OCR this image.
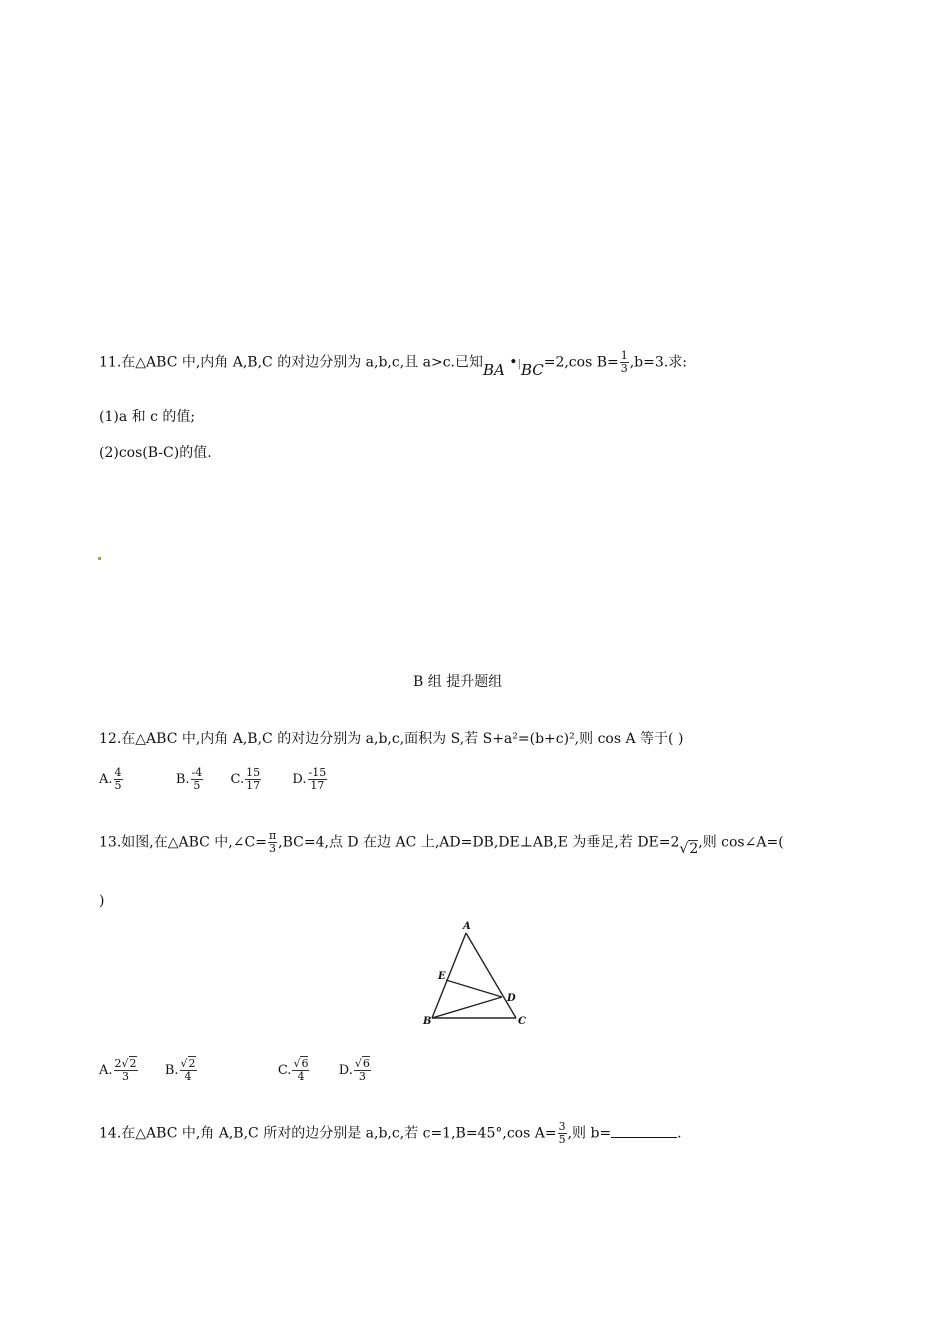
11.在△ABC 中,内角 A,B,C 的对边分别为 a,b,c,且 a>c.已知BA •|BC=2,cos $B= \frac{1}{3} ,b=3$.求:
(1)a 和 c 的值;
(2)cos(B-C)的值.
B 组 提升题组
12.在△ABC 中,内角 A,B,C 的对边分别为 a,b,c,面积为 S,若 S+a²=(b+c)²,则 cos A 等于( )
A. $\frac{4}{5}$	B. $\frac{-4}{5} C$. $\frac{15}{17} D$. $\frac{-15}{17}$
13.如图,在△ABC 中,∠C= $\frac{\pi}{3} ,BC=4$,点 D 在边 AC 上,AD=DB,DE⊥AB,E 为垂足,若 DE=2√2,则 cos∠A=(
)
A
E
D
B	C
A. $\frac{2√2}{3} B$. $\frac{√2}{4}$	C. $\frac{√6}{4} D$. $\frac{√6}{3}$
14.在△ABC 中,角 A,B,C 所对的边分别是 a,b,c,若 c=1,B=45°,cos $A= \frac{3}{5}$ ,则 b=	.
